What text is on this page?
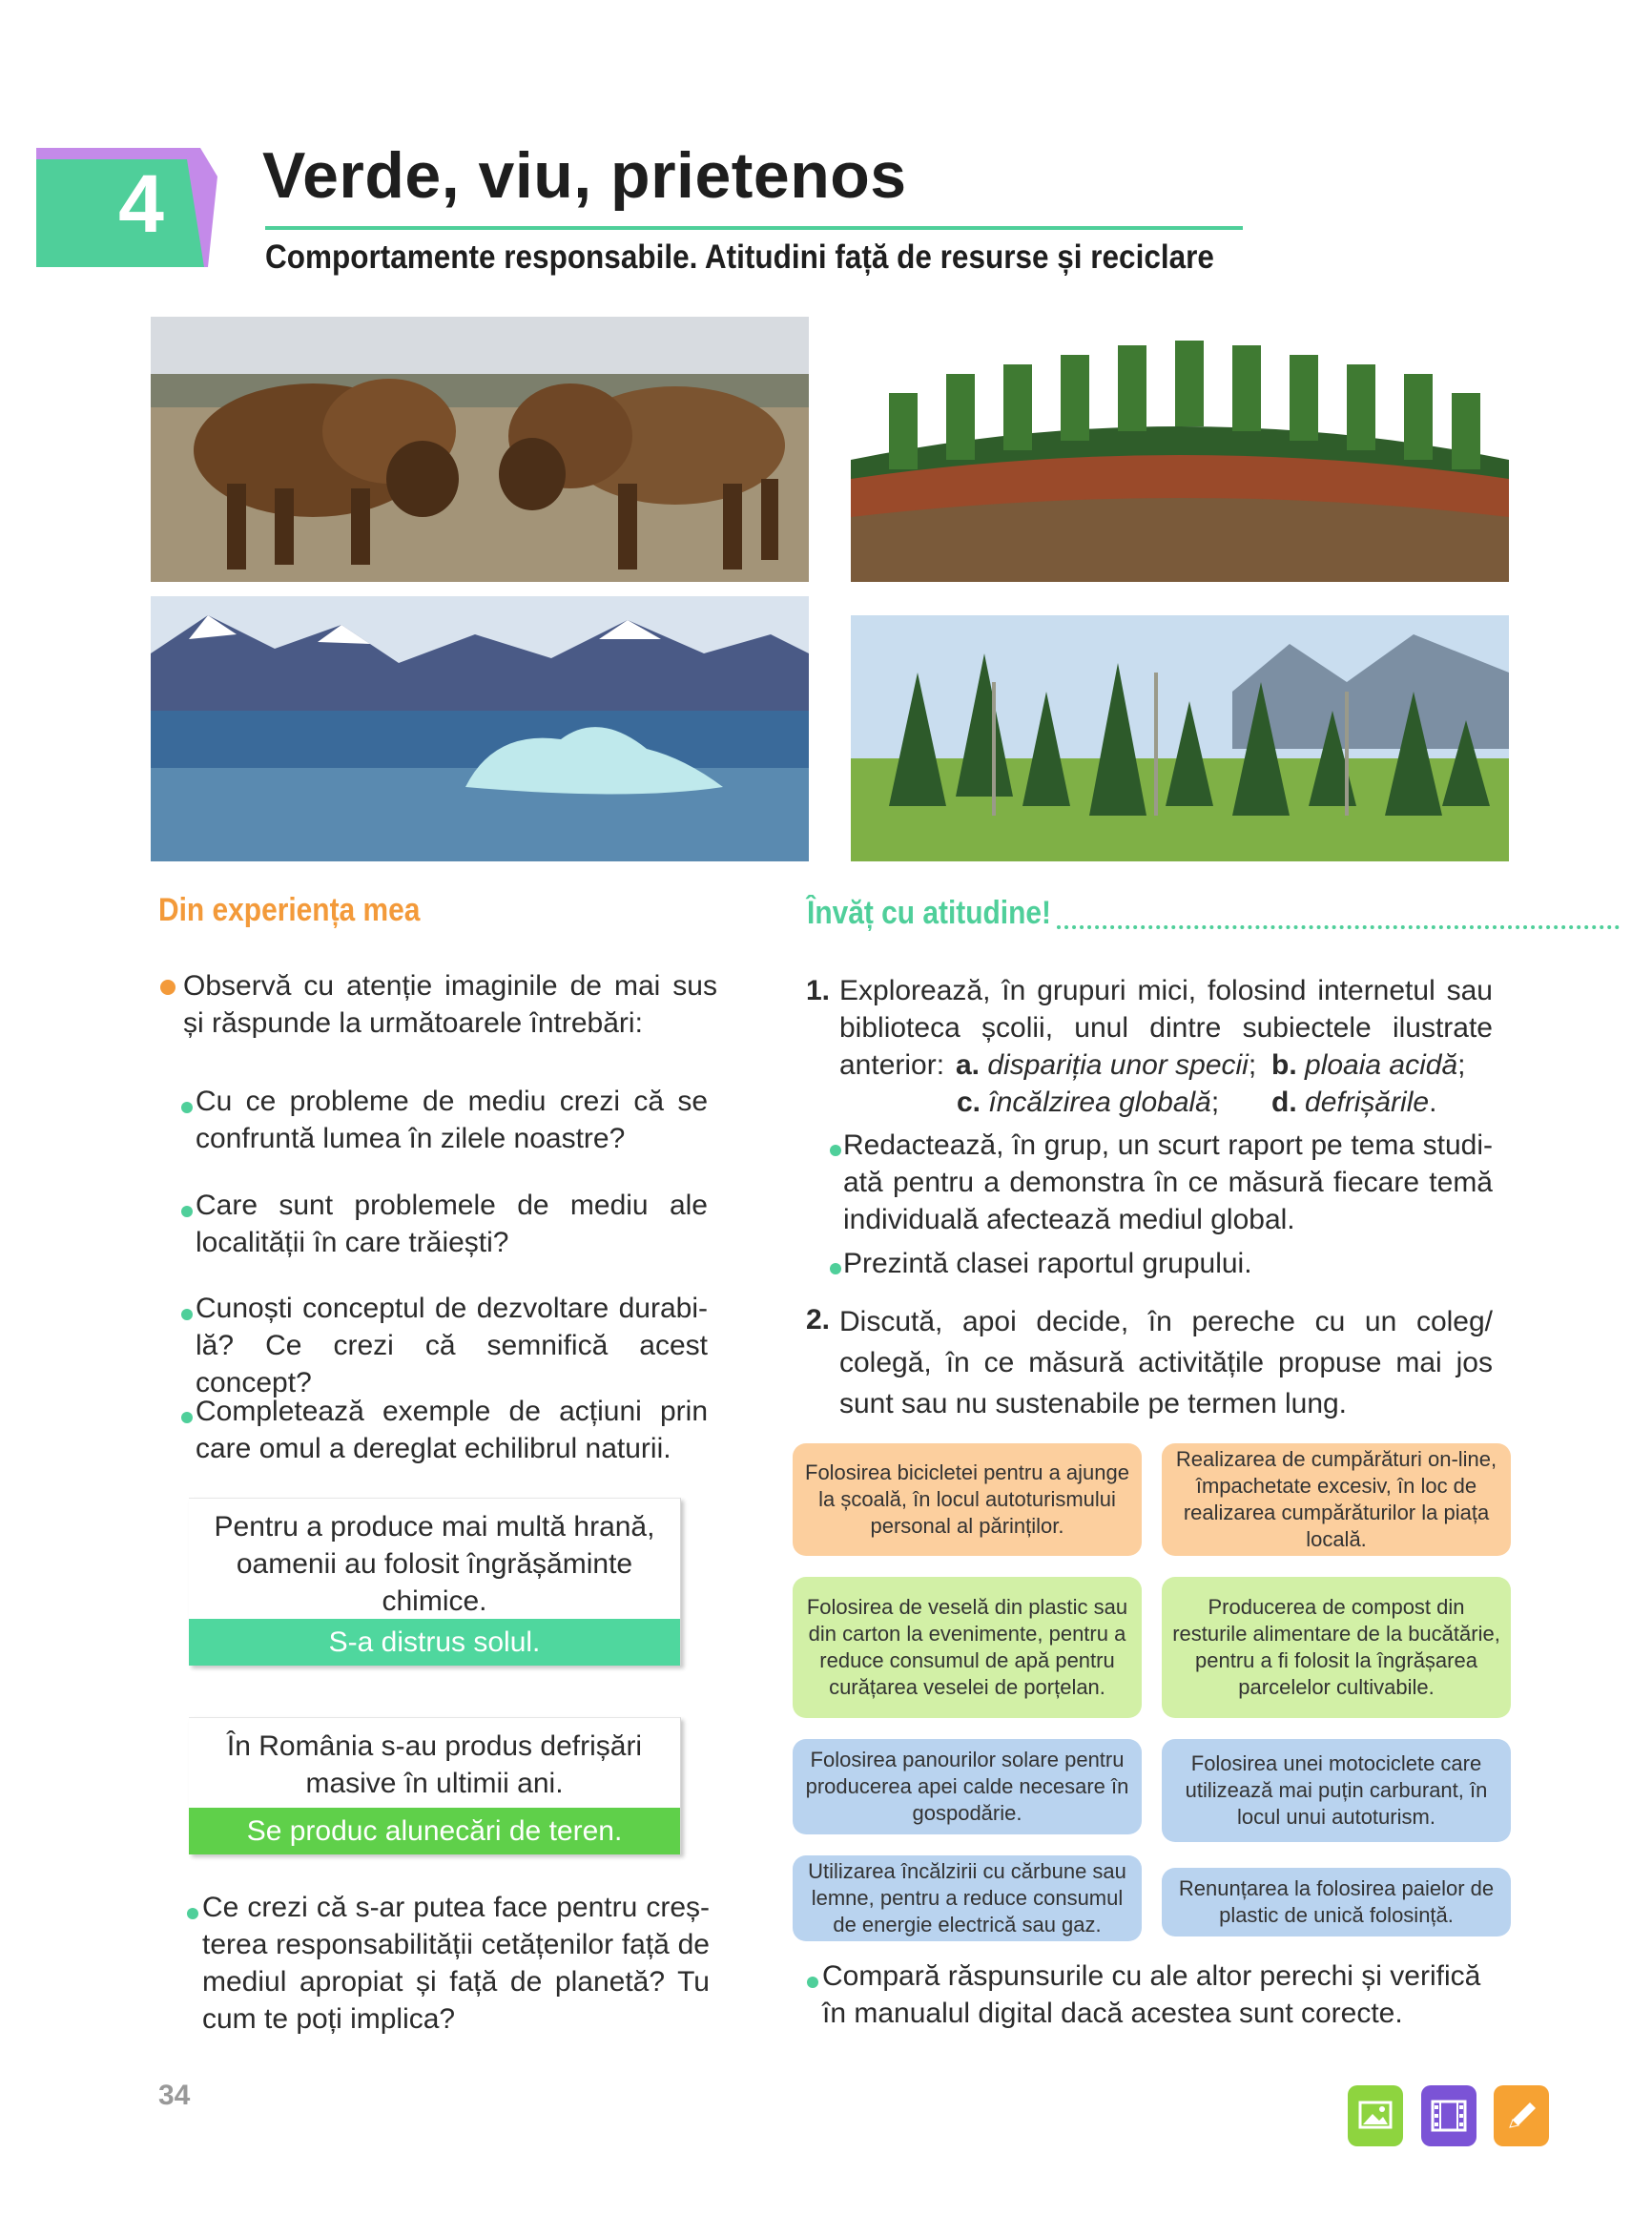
4	Verde, viu, prietenos
Comportamente responsabile. Atitudini față de resurse și reciclare
Din experiența mea
Observă cu atenție imaginile de mai sus și răspunde la următoarele întrebări:
Cu ce probleme de mediu crezi că se confruntă lumea în zilele noastre?
Care sunt problemele de mediu ale localității în care trăiești?
Cunoști conceptul de dezvoltare durabi-lă? Ce crezi că semnifică acest concept?
Completează exemple de acțiuni prin care omul a dereglat echilibrul naturii.
Pentru a produce mai multă hrană, oamenii au folosit îngrășăminte chimice.
S-a distrus solul.
În România s-au produs defrișări masive în ultimii ani.
Se produc alunecări de teren.
Ce crezi că s-ar putea face pentru creș-terea responsabilității cetățenilor față de mediul apropiat și față de planetă? Tu cum te poți implica?
Învăț cu atitudine!
1. Explorează, în grupuri mici, folosind internetul sau biblioteca școlii, unul dintre subiectele ilustrate anterior: a. dispariția unor specii; b. ploaia acidă;
c. încălzirea globală; d. defrișările.
Redactează, în grup, un scurt raport pe tema studi-ată pentru a demonstra în ce măsură fiecare temă individuală afectează mediul global.
Prezintă clasei raportul grupului.
2. Discută, apoi decide, în pereche cu un coleg/ colegă, în ce măsură activitățile propuse mai jos sunt sau nu sustenabile pe termen lung.
Folosirea bicicletei pentru a ajunge la școală, în locul autoturismului personal al părinților.
Realizarea de cumpărături on-line, împachetate excesiv, în loc de realizarea cumpărăturilor la piața locală.
Folosirea de veselă din plastic sau din carton la evenimente, pentru a reduce consumul de apă pentru curățarea veselei de porțelan.
Producerea de compost din resturile alimentare de la bucătărie, pentru a fi folosit la îngrășarea parcelelor cultivabile.
Folosirea panourilor solare pentru producerea apei calde necesare în gospodărie.
Folosirea unei motociclete care utilizează mai puțin carburant, în locul unui autoturism.
Utilizarea încălzirii cu cărbune sau lemne, pentru a reduce consumul de energie electrică sau gaz.
Renunțarea la folosirea paielor de plastic de unică folosință.
Compară răspunsurile cu ale altor perechi și verifică în manualul digital dacă acestea sunt corecte.
34
